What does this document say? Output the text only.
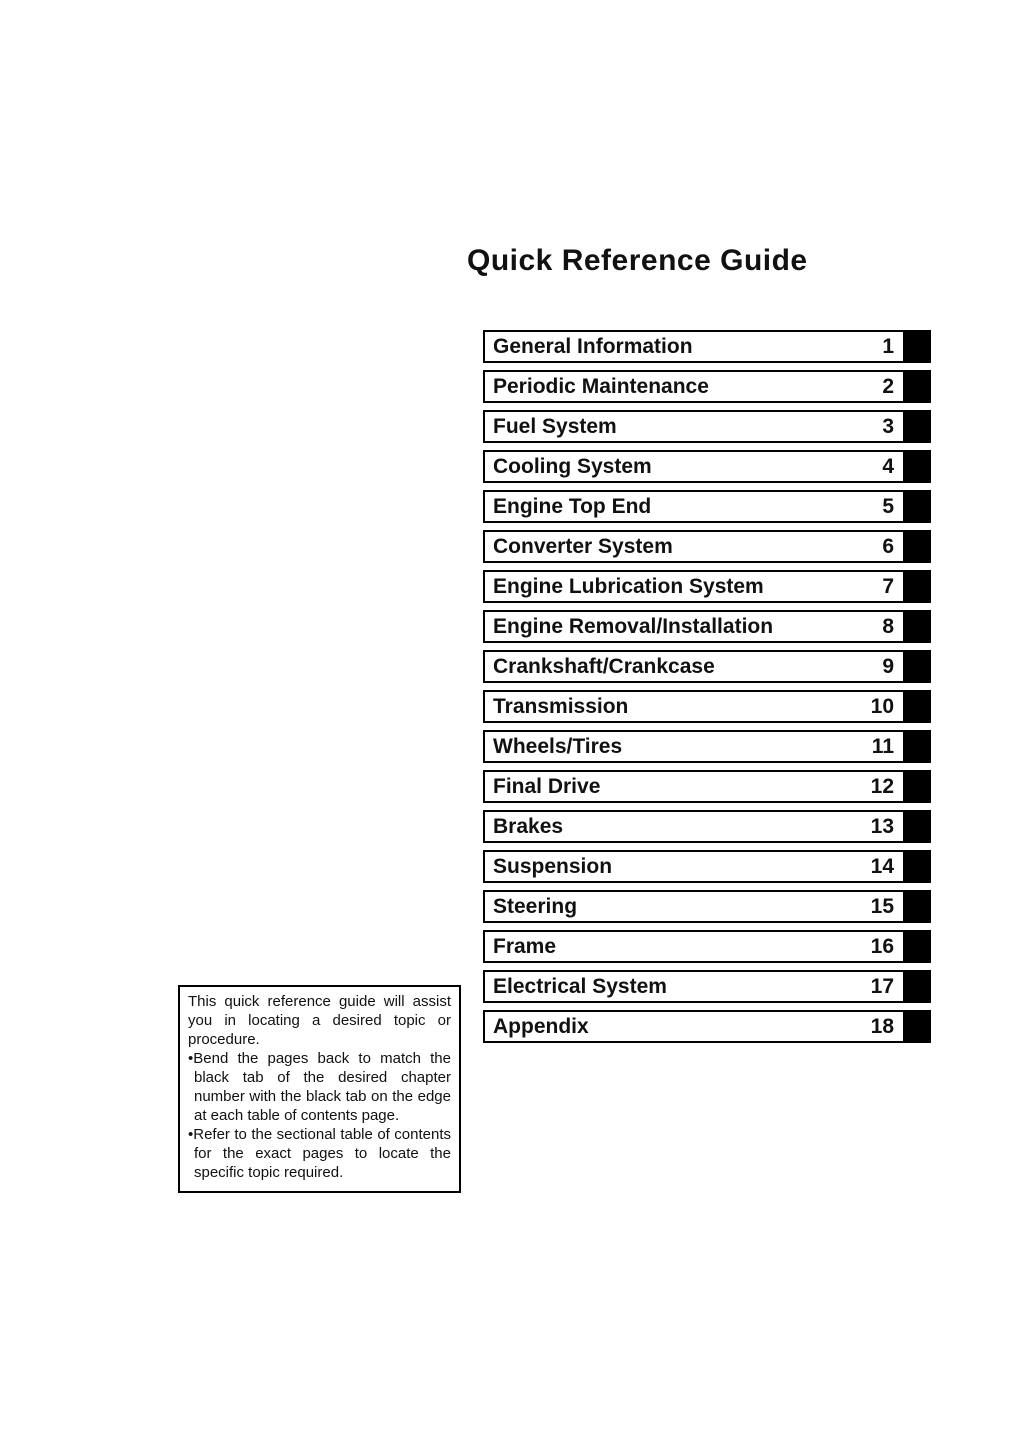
Quick Reference Guide
General Information	1
Periodic Maintenance	2
Fuel System	3
Cooling System	4
Engine Top End	5
Converter System	6
Engine Lubrication System	7
Engine Removal/Installation	8
Crankshaft/Crankcase	9
Transmission	10
Wheels/Tires	11
Final Drive	12
Brakes	13
Suspension	14
Steering	15
Frame	16
Electrical System	17
Appendix	18

This quick reference guide will assist you in locating a desired topic or procedure.

•Bend the pages back to match the black tab of the desired chapter number with the black tab on the edge at each table of contents page.

•Refer to the sectional table of contents for the exact pages to locate the specific topic required.
